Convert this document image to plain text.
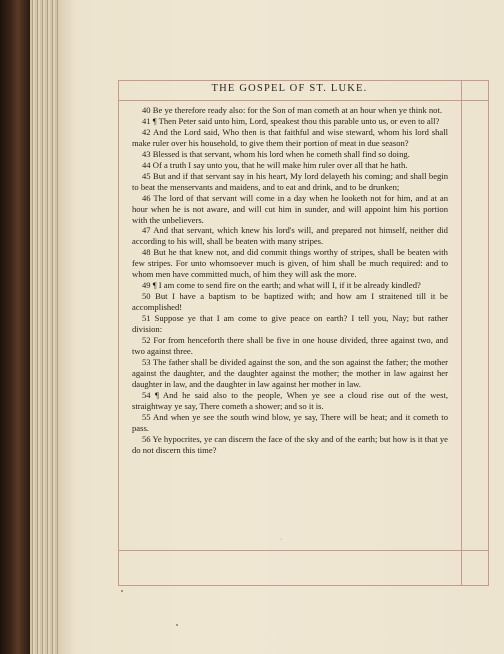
THE GOSPEL OF ST. LUKE.

40 Be ye therefore ready also: for the Son of man cometh at an hour when ye think not.

41 ¶ Then Peter said unto him, Lord, speakest thou this parable unto us, or even to all?

42 And the Lord said, Who then is that faithful and wise steward, whom his lord shall make ruler over his household, to give them their portion of meat in due season?

43 Blessed is that servant, whom his lord when he cometh shall find so doing.

44 Of a truth I say unto you, that he will make him ruler over all that he hath.

45 But and if that servant say in his heart, My lord delayeth his coming; and shall begin to beat the menservants and maidens, and to eat and drink, and to be drunken;

46 The lord of that servant will come in a day when he looketh not for him, and at an hour when he is not aware, and will cut him in sunder, and will appoint him his portion with the unbelievers.

47 And that servant, which knew his lord's will, and prepared not himself, neither did according to his will, shall be beaten with many stripes.

48 But he that knew not, and did commit things worthy of stripes, shall be beaten with few stripes. For unto whomsoever much is given, of him shall be much required: and to whom men have committed much, of him they will ask the more.

49 ¶ I am come to send fire on the earth; and what will I, if it be already kindled?

50 But I have a baptism to be baptized with; and how am I straitened till it be accomplished!

51 Suppose ye that I am come to give peace on earth? I tell you, Nay; but rather division:

52 For from henceforth there shall be five in one house divided, three against two, and two against three.

53 The father shall be divided against the son, and the son against the father; the mother against the daughter, and the daughter against the mother; the mother in law against her daughter in law, and the daughter in law against her mother in law.

54 ¶ And he said also to the people, When ye see a cloud rise out of the west, straightway ye say, There cometh a shower; and so it is.

55 And when ye see the south wind blow, ye say, There will be heat; and it cometh to pass.

56 Ye hypocrites, ye can discern the face of the sky and of the earth; but how is it that ye do not discern this time?

·
